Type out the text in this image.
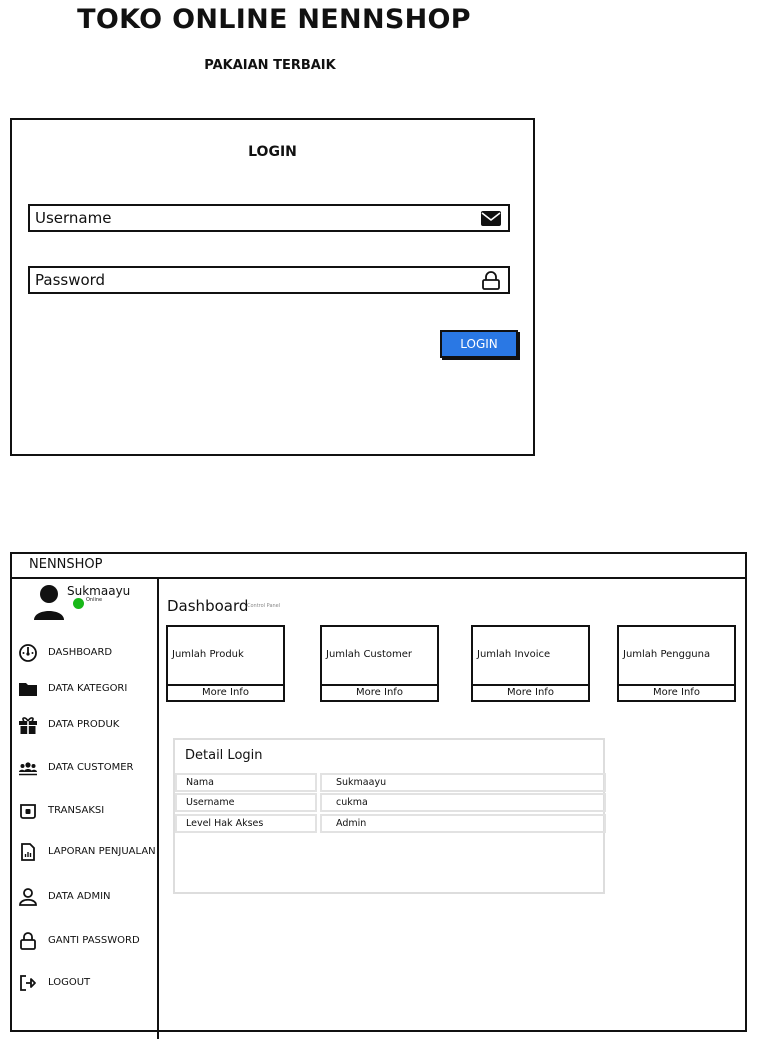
TOKO ONLINE NENNSHOP
PAKAIAN TERBAIK
LOGIN
Username
Password
LOGIN
NENNSHOP
Sukmaayu
Online
DASHBOARD
DATA KATEGORI
DATA PRODUK
DATA CUSTOMER
TRANSAKSI
LAPORAN PENJUALAN
DATA ADMIN
GANTI PASSWORD
LOGOUT
Dashboard
Control Panel
Jumlah Produk
More Info
Jumlah Customer
More Info
Jumlah Invoice
More Info
Jumlah Pengguna
More Info
Detail Login
Nama	Sukmaayu
Username	cukma
Level Hak Akses	Admin
